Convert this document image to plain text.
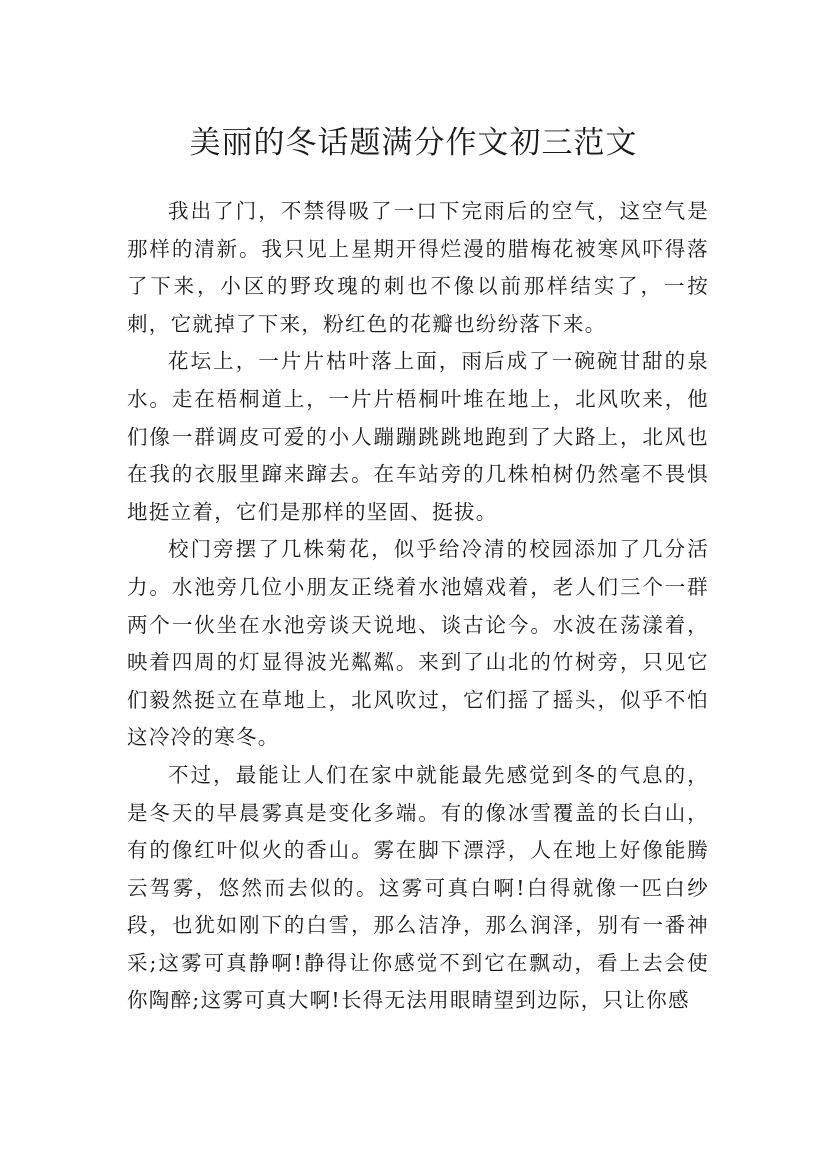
美丽的冬话题满分作文初三范文

我出了门，不禁得吸了一口下完雨后的空气，这空气是那样的清新。我只见上星期开得烂漫的腊梅花被寒风吓得落了下来，小区的野玫瑰的刺也不像以前那样结实了，一按刺，它就掉了下来，粉红色的花瓣也纷纷落下来。

花坛上，一片片枯叶落上面，雨后成了一碗碗甘甜的泉水。走在梧桐道上，一片片梧桐叶堆在地上，北风吹来，他们像一群调皮可爱的小人蹦蹦跳跳地跑到了大路上，北风也在我的衣服里蹿来蹿去。在车站旁的几株柏树仍然毫不畏惧地挺立着，它们是那样的坚固、挺拔。

校门旁摆了几株菊花，似乎给冷清的校园添加了几分活力。水池旁几位小朋友正绕着水池嬉戏着，老人们三个一群两个一伙坐在水池旁谈天说地、谈古论今。水波在荡漾着，映着四周的灯显得波光粼粼。来到了山北的竹树旁，只见它们毅然挺立在草地上，北风吹过，它们摇了摇头，似乎不怕这冷冷的寒冬。

不过，最能让人们在家中就能最先感觉到冬的气息的，是冬天的早晨雾真是变化多端。有的像冰雪覆盖的长白山，有的像红叶似火的香山。雾在脚下漂浮，人在地上好像能腾云驾雾，悠然而去似的。这雾可真白啊!白得就像一匹白纱段，也犹如刚下的白雪，那么洁净，那么润泽，别有一番神采;这雾可真静啊!静得让你感觉不到它在飘动，看上去会使你陶醉;这雾可真大啊!长得无法用眼睛望到边际，只让你感
